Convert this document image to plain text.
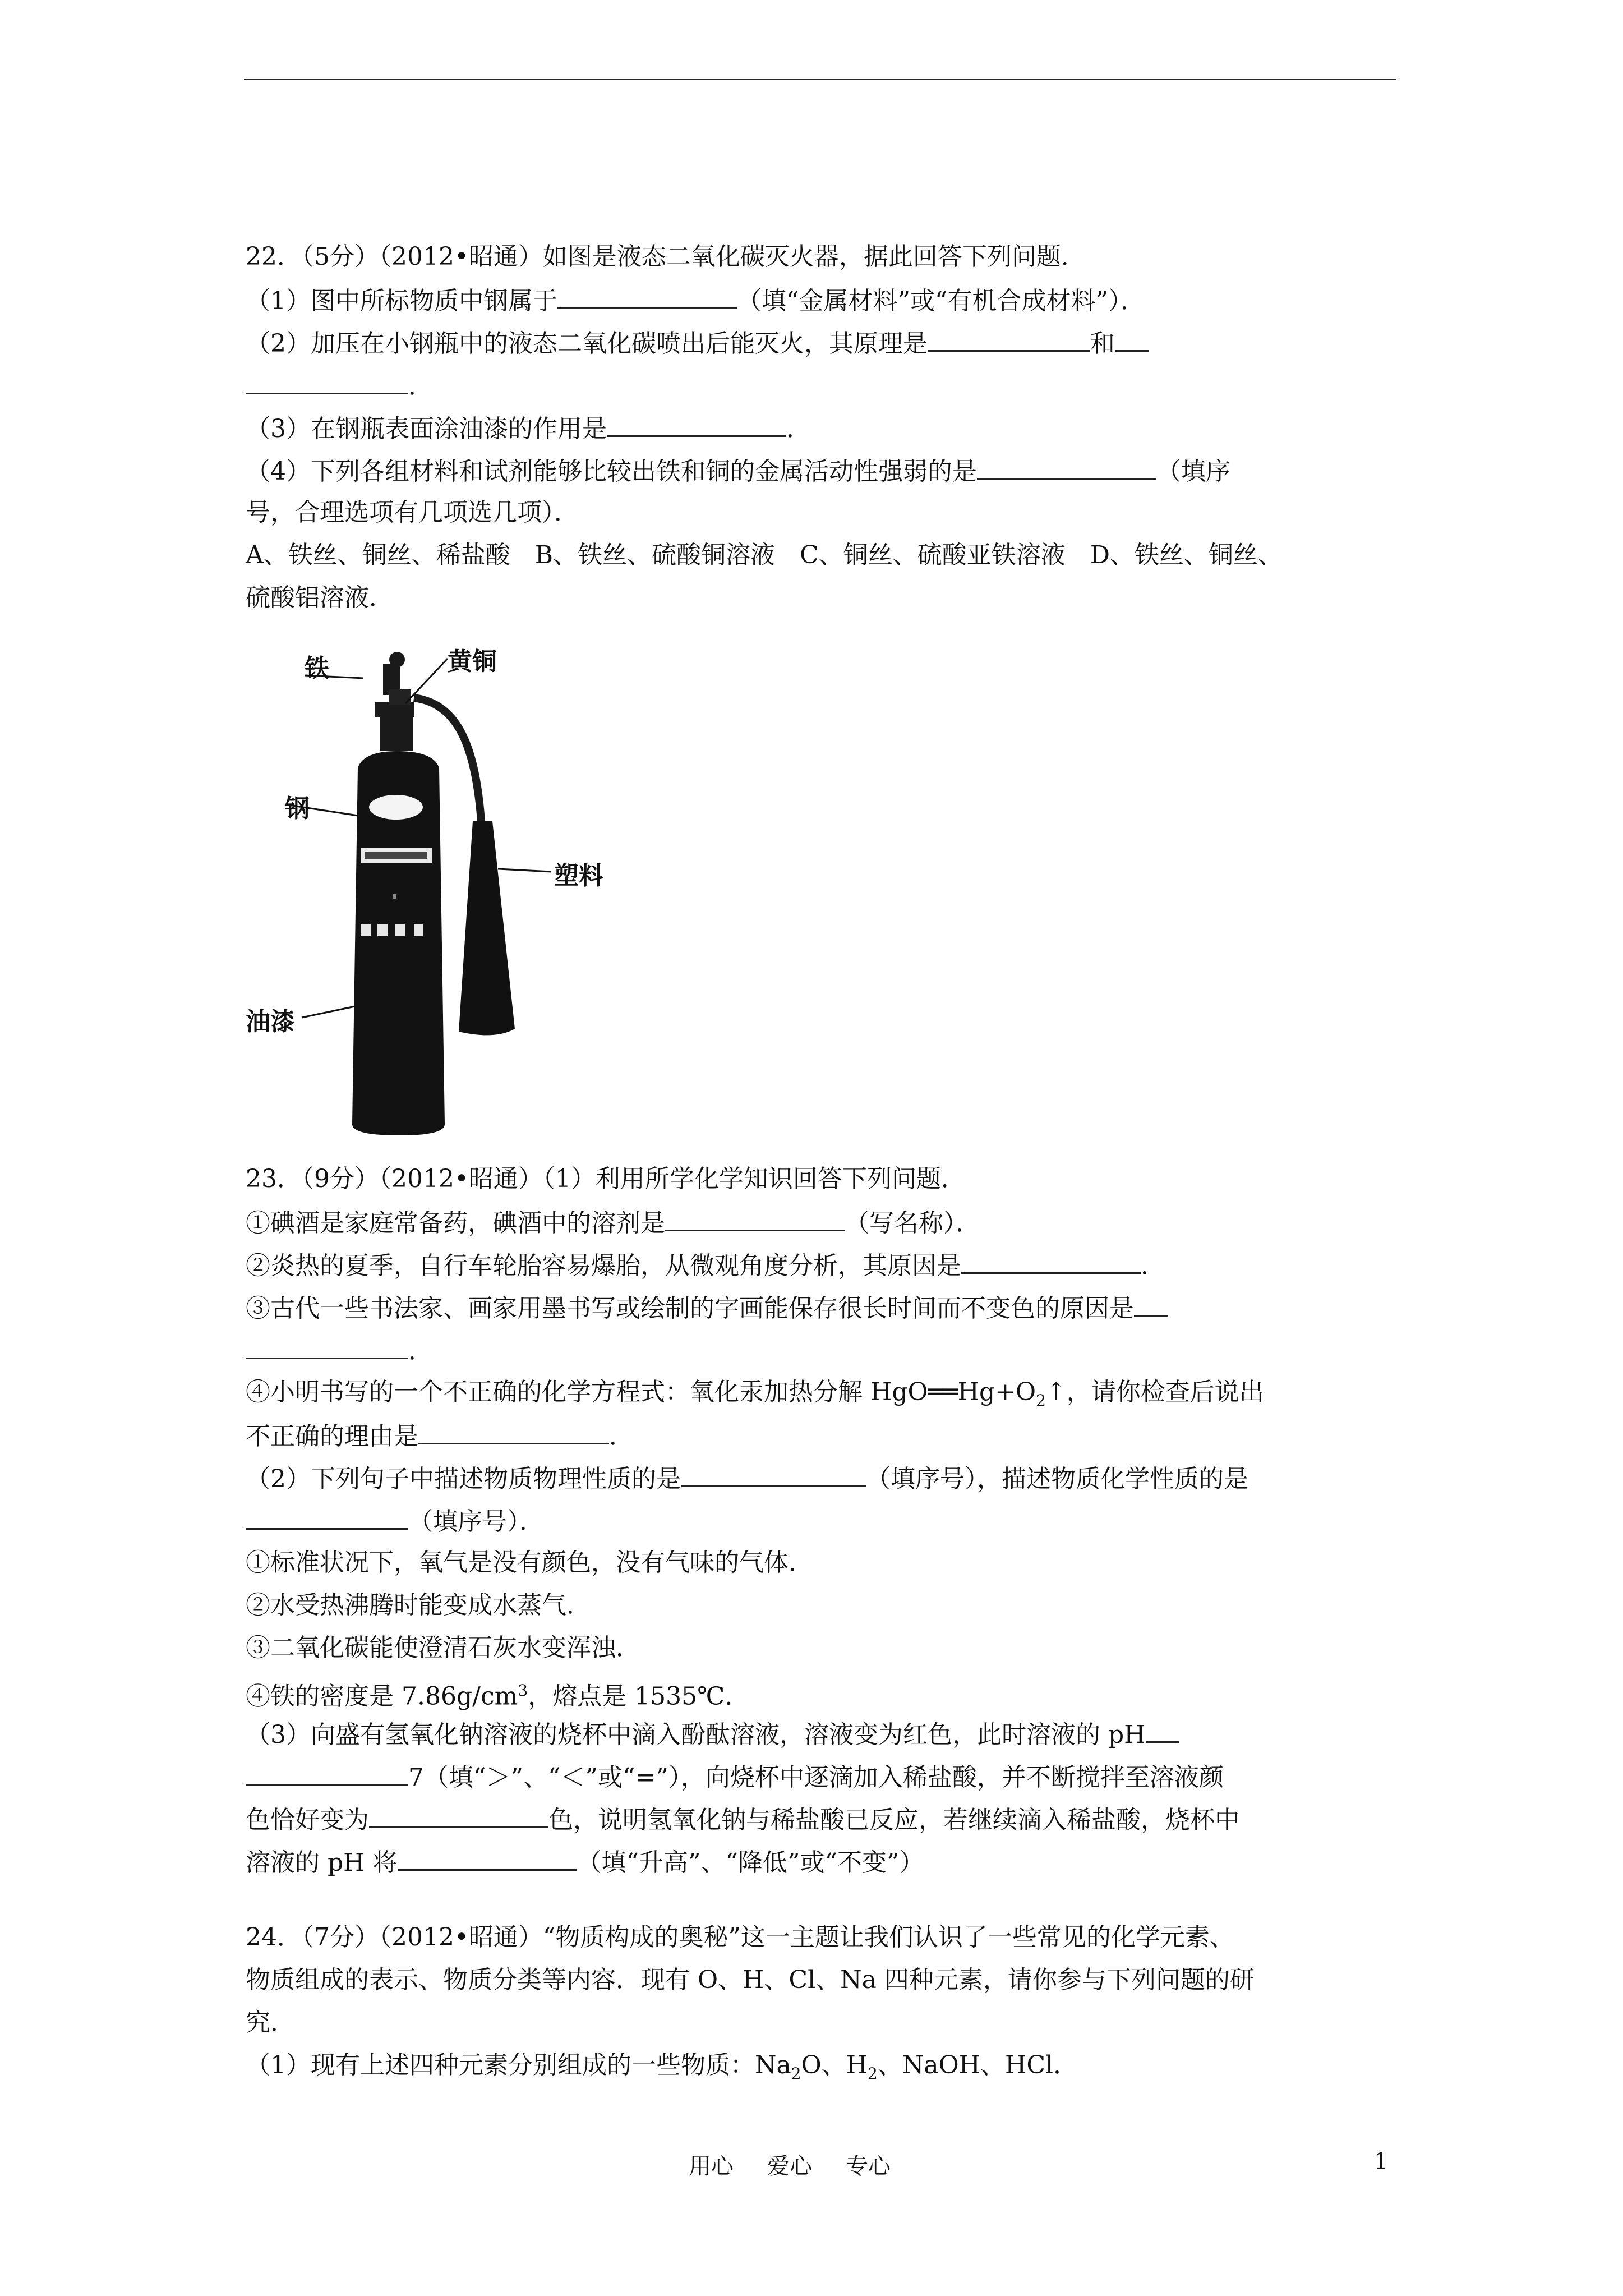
22．（5分）（2012•昭通）如图是液态二氧化碳灭火器，据此回答下列问题．
（1）图中所标物质中钢属于	（填“金属材料”或“有机合成材料”）．
（2）加压在小钢瓶中的液态二氧化碳喷出后能灭火，其原理是	和
．
（3）在钢瓶表面涂油漆的作用是	．
（4）下列各组材料和试剂能够比较出铁和铜的金属活动性强弱的是	（填序
号，合理选项有几项选几项）．
A、铁丝、铜丝、稀盐酸　B、铁丝、硫酸铜溶液　C、铜丝、硫酸亚铁溶液　D、铁丝、铜丝、
硫酸铝溶液．
铁	黄铜
钢
塑料
油漆
23．（9分）（2012•昭通）（1）利用所学化学知识回答下列问题．
①碘酒是家庭常备药，碘酒中的溶剂是	（写名称）．
②炎热的夏季，自行车轮胎容易爆胎，从微观角度分析，其原因是	．
③古代一些书法家、画家用墨书写或绘制的字画能保存很长时间而不变色的原因是
．
④小明书写的一个不正确的化学方程式：氧化汞加热分解 $HgO══Hg+O_2↑$，请你检查后说出
不正确的理由是	．
（2）下列句子中描述物质物理性质的是	（填序号），描述物质化学性质的是
（填序号）．
①标准状况下，氧气是没有颜色，没有气味的气体．
②水受热沸腾时能变成水蒸气．
③二氧化碳能使澄清石灰水变浑浊．
④铁的密度是 $7.86g/cm^3$，熔点是 1535℃．
（3）向盛有氢氧化钠溶液的烧杯中滴入酚酞溶液，溶液变为红色，此时溶液的 pH
7（填“＞”、“＜”或“=”），向烧杯中逐滴加入稀盐酸，并不断搅拌至溶液颜
色恰好变为	色，说明氢氧化钠与稀盐酸已反应，若继续滴入稀盐酸，烧杯中
溶液的 pH 将	（填“升高”、“降低”或“不变”）
24．（7分）（2012•昭通）“物质构成的奥秘”这一主题让我们认识了一些常见的化学元素、
物质组成的表示、物质分类等内容．现有 O、H、Cl、Na 四种元素，请你参与下列问题的研
究．
（1）现有上述四种元素分别组成的一些物质：$Na_2O$、$H_2$、NaOH、HCl．
用心 爱心 专心	1
